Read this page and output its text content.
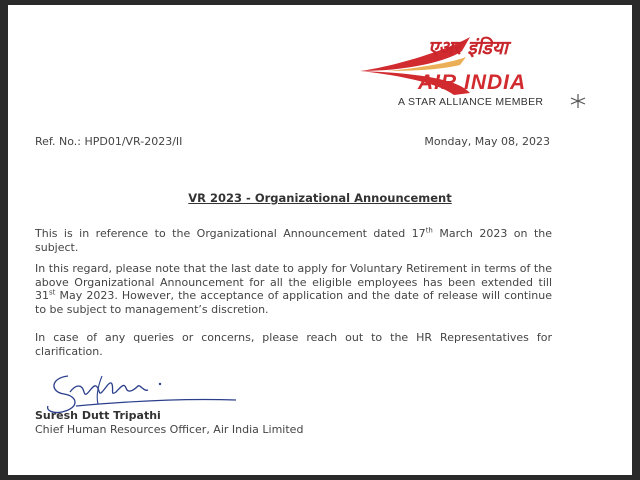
एअर इंडिया
AIR INDIA
A STAR ALLIANCE MEMBER
Ref. No.: HPD01/VR-2023/II	Monday, May 08, 2023
VR 2023 - Organizational Announcement

This is in reference to the Organizational Announcement dated 17th March 2023 on the subject.

In this regard, please note that the last date to apply for Voluntary Retirement in terms of the above Organizational Announcement for all the eligible employees has been extended till 31st May 2023. However, the acceptance of application and the date of release will continue to be subject to management’s discretion.

In case of any queries or concerns, please reach out to the HR Representatives for clarification.

Suresh Dutt Tripathi
Chief Human Resources Officer, Air India Limited
